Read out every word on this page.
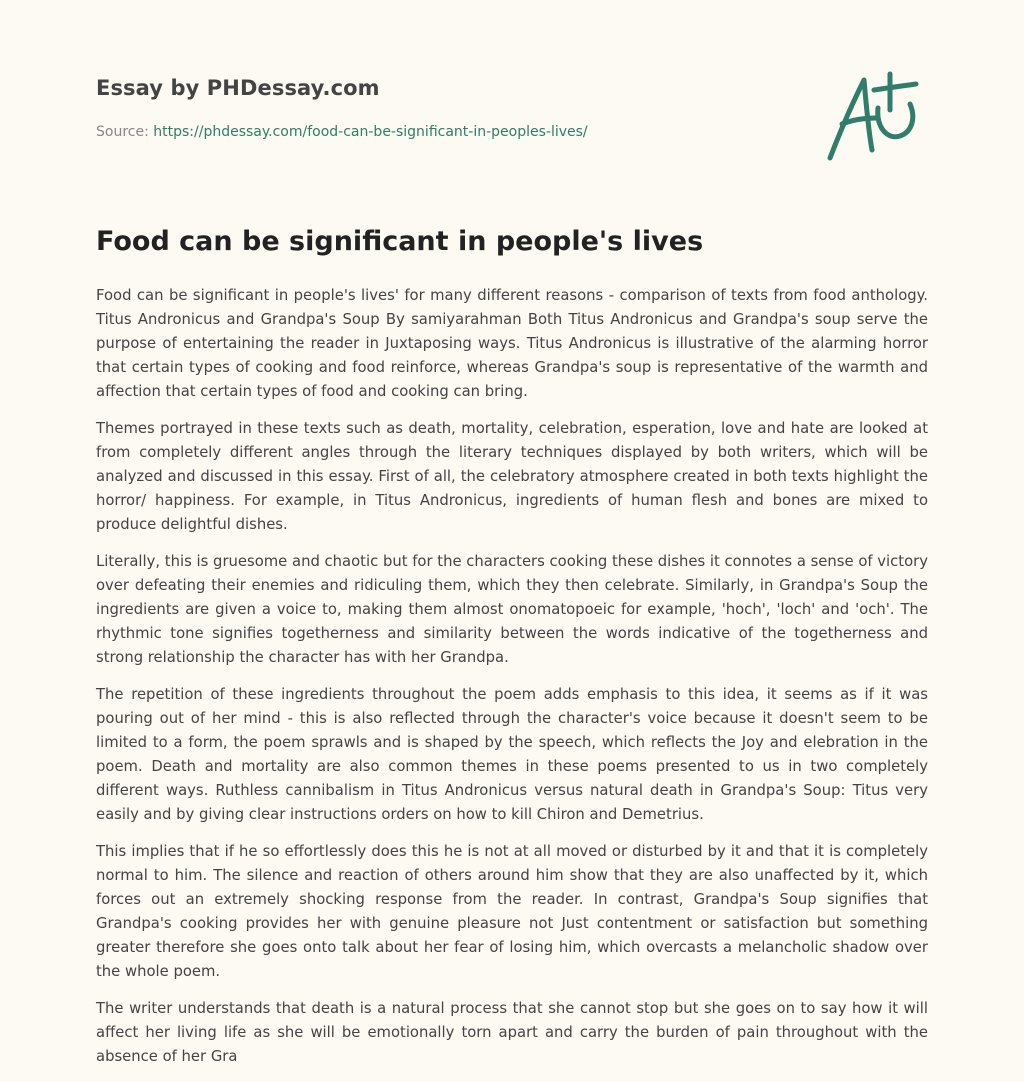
Essay by PHDessay.com
Source: https://phdessay.com/food-can-be-significant-in-peoples-lives/
Food can be significant in people's lives

Food can be significant in people's lives' for many different reasons - comparison of texts from food anthology. Titus Andronicus and Grandpa's Soup By samiyarahman Both Titus Andronicus and Grandpa's soup serve the purpose of entertaining the reader in Juxtaposing ways. Titus Andronicus is illustrative of the alarming horror that certain types of cooking and food reinforce, whereas Grandpa's soup is representative of the warmth and affection that certain types of food and cooking can bring.

Themes portrayed in these texts such as death, mortality, celebration, esperation, love and hate are looked at from completely different angles through the literary techniques displayed by both writers, which will be analyzed and discussed in this essay. First of all, the celebratory atmosphere created in both texts highlight the horror/ happiness. For example, in Titus Andronicus, ingredients of human flesh and bones are mixed to produce delightful dishes.

Literally, this is gruesome and chaotic but for the characters cooking these dishes it connotes a sense of victory over defeating their enemies and ridiculing them, which they then celebrate. Similarly, in Grandpa's Soup the ingredients are given a voice to, making them almost onomatopoeic for example, 'hoch', 'loch' and 'och'. The rhythmic tone signifies togetherness and similarity between the words indicative of the togetherness and strong relationship the character has with her Grandpa.

The repetition of these ingredients throughout the poem adds emphasis to this idea, it seems as if it was pouring out of her mind - this is also reflected through the character's voice because it doesn't seem to be limited to a form, the poem sprawls and is shaped by the speech, which reflects the Joy and elebration in the poem. Death and mortality are also common themes in these poems presented to us in two completely different ways. Ruthless cannibalism in Titus Andronicus versus natural death in Grandpa's Soup: Titus very easily and by giving clear instructions orders on how to kill Chiron and Demetrius.

This implies that if he so effortlessly does this he is not at all moved or disturbed by it and that it is completely normal to him. The silence and reaction of others around him show that they are also unaffected by it, which forces out an extremely shocking response from the reader. In contrast, Grandpa's Soup signifies that Grandpa's cooking provides her with genuine pleasure not Just contentment or satisfaction but something greater therefore she goes onto talk about her fear of losing him, which overcasts a melancholic shadow over the whole poem.

The writer understands that death is a natural process that she cannot stop but she goes on to say how it will affect her living life as she will be emotionally torn apart and carry the burden of pain throughout with the absence of her Gra
